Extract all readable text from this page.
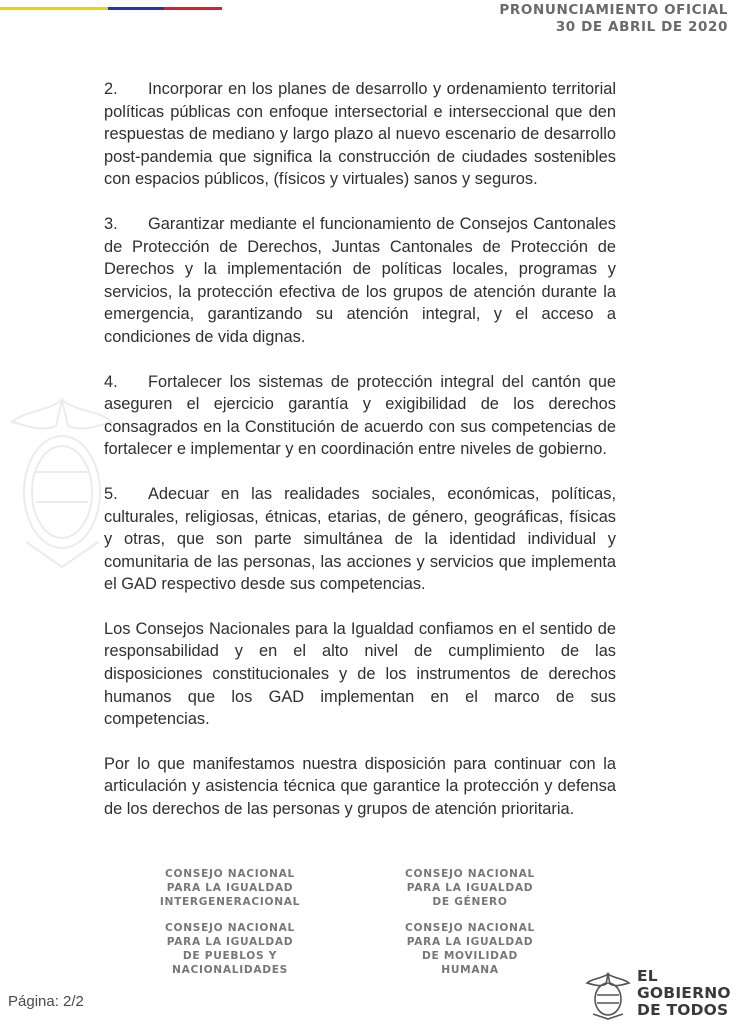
PRONUNCIAMIENTO OFICIAL
30 DE ABRIL DE 2020
2. Incorporar en los planes de desarrollo y ordenamiento territorial políticas públicas con enfoque intersectorial e interseccional que den respuestas de mediano y largo plazo al nuevo escenario de desarrollo post-pandemia que significa la construcción de ciudades sostenibles con espacios públicos, (físicos y virtuales) sanos y seguros.
3. Garantizar mediante el funcionamiento de Consejos Cantonales de Protección de Derechos, Juntas Cantonales de Protección de Derechos y la implementación de políticas locales, programas y servicios, la protección efectiva de los grupos de atención durante la emergencia, garantizando su atención integral, y el acceso a condiciones de vida dignas.
4. Fortalecer los sistemas de protección integral del cantón que aseguren el ejercicio garantía y exigibilidad de los derechos consagrados en la Constitución de acuerdo con sus competencias de fortalecer e implementar y en coordinación entre niveles de gobierno.
5. Adecuar en las realidades sociales, económicas, políticas, culturales, religiosas, étnicas, etarias, de género, geográficas, físicas y otras, que son parte simultánea de la identidad individual y comunitaria de las personas, las acciones y servicios que implementa el GAD respectivo desde sus competencias.

Los Consejos Nacionales para la Igualdad confiamos en el sentido de responsabilidad y en el alto nivel de cumplimiento de las disposiciones constitucionales y de los instrumentos de derechos humanos que los GAD implementan en el marco de sus competencias.

Por lo que manifestamos nuestra disposición para continuar con la articulación y asistencia técnica que garantice la protección y defensa de los derechos de las personas y grupos de atención prioritaria.

CONSEJO NACIONAL
PARA LA IGUALDAD
INTERGENERACIONAL
CONSEJO NACIONAL
PARA LA IGUALDAD
DE GÉNERO
CONSEJO NACIONAL
PARA LA IGUALDAD
DE PUEBLOS Y
NACIONALIDADES
CONSEJO NACIONAL
PARA LA IGUALDAD
DE MOVILIDAD
HUMANA
Página: 2/2
EL
GOBIERNO
DE TODOS
